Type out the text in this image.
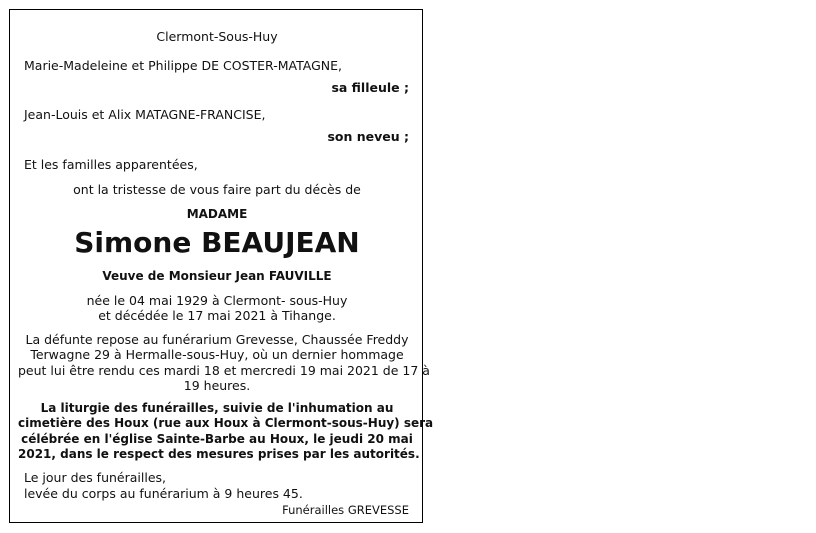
Clermont-Sous-Huy

Marie-Madeleine et Philippe DE COSTER-MATAGNE,

sa filleule ;

Jean-Louis et Alix MATAGNE-FRANCISE,

son neveu ;

Et les familles apparentées,

ont la tristesse de vous faire part du décès de

MADAME

Simone BEAUJEAN

Veuve de Monsieur Jean FAUVILLE

née le 04 mai 1929 à Clermont- sous-Huy

et décédée le 17 mai 2021 à Tihange.

La défunte repose au funérarium Grevesse, Chaussée Freddy
Terwagne 29 à Hermalle-sous-Huy, où un dernier hommage
peut lui être rendu ces mardi 18 et mercredi 19 mai 2021 de 17 à
19 heures.
La liturgie des funérailles, suivie de l'inhumation au
cimetière des Houx (rue aux Houx à Clermont-sous-Huy) sera
célébrée en l'église Sainte-Barbe au Houx, le jeudi 20 mai
2021, dans le respect des mesures prises par les autorités.

Le jour des funérailles,

levée du corps au funérarium à 9 heures 45.

Funérailles GREVESSE
